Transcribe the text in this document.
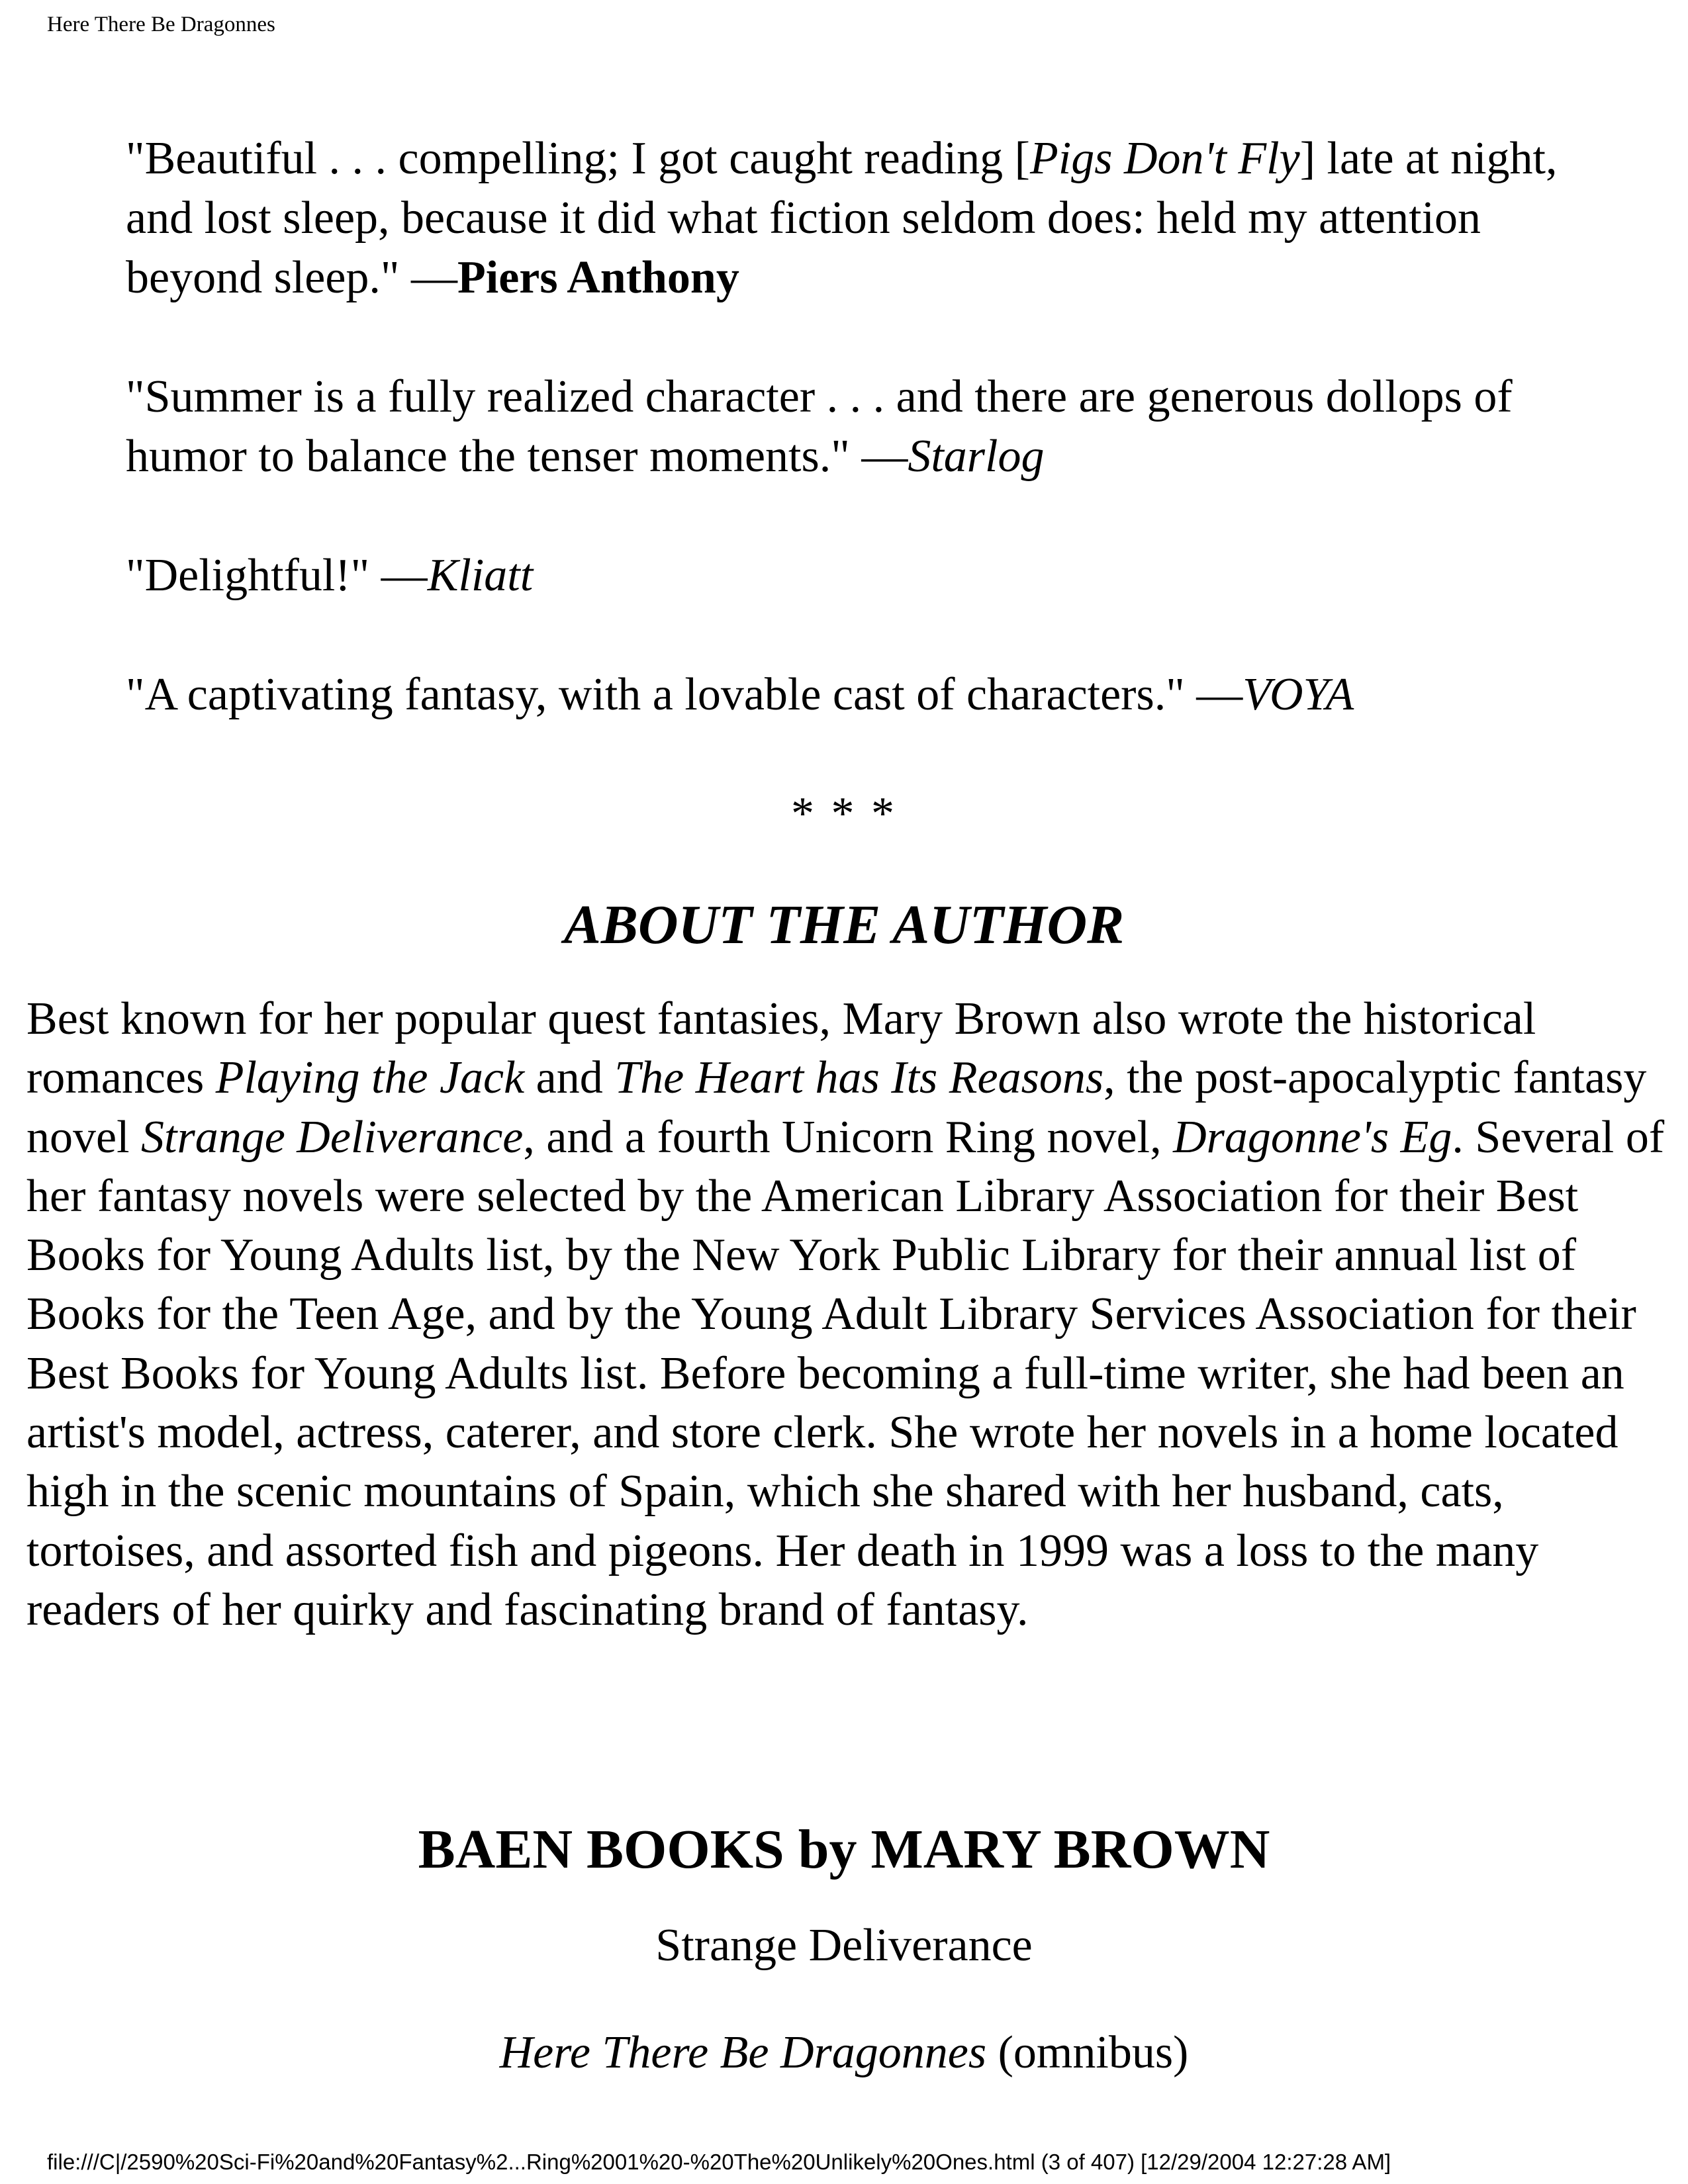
Here There Be Dragonnes

"Beautiful . . . compelling; I got caught reading [Pigs Don't Fly] late at night, and lost sleep, because it did what fiction seldom does: held my attention beyond sleep." —Piers Anthony

"Summer is a fully realized character . . . and there are generous dollops of humor to balance the tenser moments." —Starlog

"Delightful!" —Kliatt

"A captivating fantasy, with a lovable cast of characters." —VOYA

* * *
ABOUT THE AUTHOR

Best known for her popular quest fantasies, Mary Brown also wrote the historical romances Playing the Jack and The Heart has Its Reasons, the post-apocalyptic fantasy novel Strange Deliverance, and a fourth Unicorn Ring novel, Dragonne's Eg. Several of her fantasy novels were selected by the American Library Association for their Best Books for Young Adults list, by the New York Public Library for their annual list of Books for the Teen Age, and by the Young Adult Library Services Association for their Best Books for Young Adults list. Before becoming a full-time writer, she had been an artist's model, actress, caterer, and store clerk. She wrote her novels in a home located high in the scenic mountains of Spain, which she shared with her husband, cats, tortoises, and assorted fish and pigeons. Her death in 1999 was a loss to the many readers of her quirky and fascinating brand of fantasy.

BAEN BOOKS by MARY BROWN
Strange Deliverance
Here There Be Dragonnes (omnibus)
file:///C|/2590%20Sci-Fi%20and%20Fantasy%2...Ring%2001%20-%20The%20Unlikely%20Ones.html (3 of 407) [12/29/2004 12:27:28 AM]
